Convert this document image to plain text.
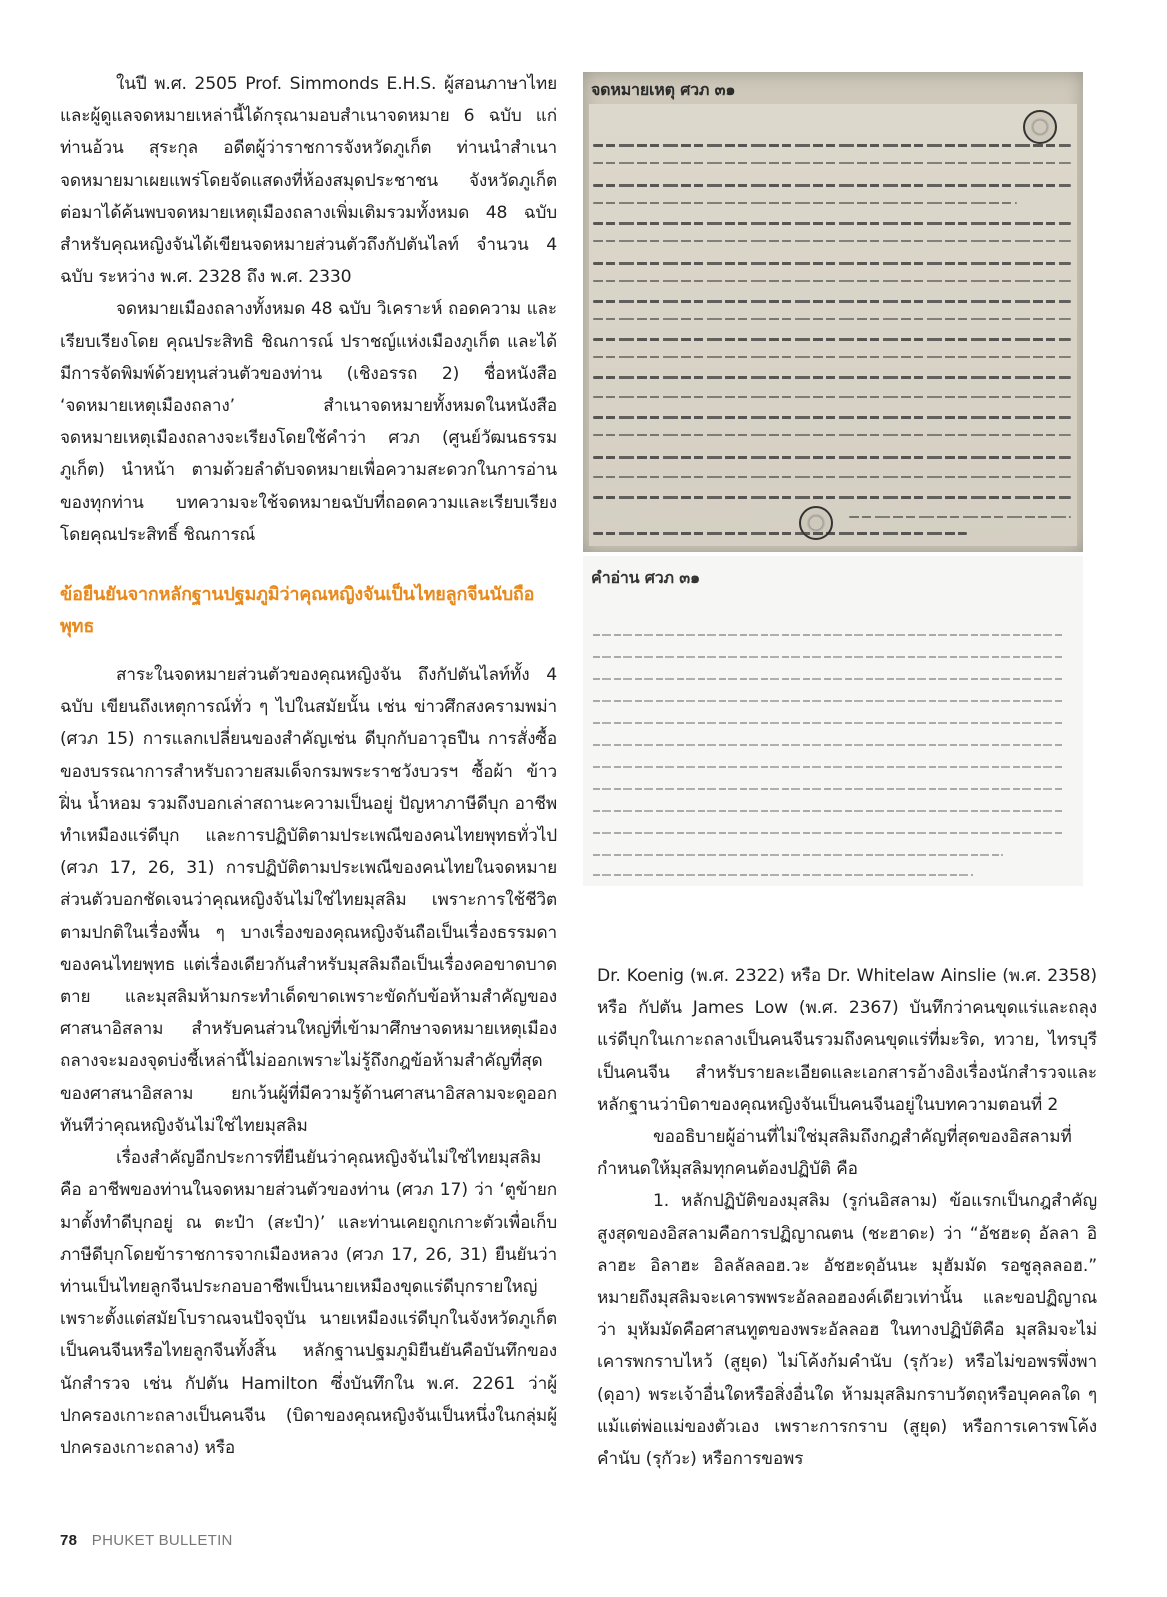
ในปี พ.ศ. 2505 Prof. Simmonds E.H.S. ผู้สอนภาษาไทยและผู้ดูแลจดหมายเหล่านี้ได้กรุณามอบสำเนาจดหมาย 6 ฉบับ แก่ท่านอ้วน สุระกุล อดีตผู้ว่าราชการจังหวัดภูเก็ต ท่านนำสำเนาจดหมายมาเผยแพร่โดยจัดแสดงที่ห้องสมุดประชาชน จังหวัดภูเก็ต ต่อมาได้ค้นพบจดหมายเหตุเมืองถลางเพิ่มเติมรวมทั้งหมด 48 ฉบับ สำหรับคุณหญิงจันได้เขียนจดหมายส่วนตัวถึงกัปตันไลท์ จำนวน 4 ฉบับ ระหว่าง พ.ศ. 2328 ถึง พ.ศ. 2330

จดหมายเมืองถลางทั้งหมด 48 ฉบับ วิเคราะห์ ถอดความ และเรียบเรียงโดย คุณประสิทธิ ชิณการณ์ ปราชญ์แห่งเมืองภูเก็ต และได้มีการจัดพิมพ์ด้วยทุนส่วนตัวของท่าน (เชิงอรรถ 2) ชื่อหนังสือ ‘จดหมายเหตุเมืองถลาง’ สำเนาจดหมายทั้งหมดในหนังสือจดหมายเหตุเมืองถลางจะเรียงโดยใช้คำว่า ศวภ (ศูนย์วัฒนธรรมภูเก็ต) นำหน้า ตามด้วยลำดับจดหมายเพื่อความสะดวกในการอ่านของทุกท่าน บทความจะใช้จดหมายฉบับที่ถอดความและเรียบเรียงโดยคุณประสิทธิ์ ชิณการณ์

ข้อยืนยันจากหลักฐานปฐมภูมิว่าคุณหญิงจันเป็นไทยลูกจีนนับถือพุทธ

สาระในจดหมายส่วนตัวของคุณหญิงจัน ถึงกัปตันไลท์ทั้ง 4 ฉบับ เขียนถึงเหตุการณ์ทั่ว ๆ ไปในสมัยนั้น เช่น ข่าวศึกสงครามพม่า (ศวภ 15) การแลกเปลี่ยนของสำคัญเช่น ดีบุกกับอาวุธปืน การสั่งซื้อของบรรณาการสำหรับถวายสมเด็จกรมพระราชวังบวรฯ ซื้อผ้า ข้าว ฝิ่น น้ำหอม รวมถึงบอกเล่าสถานะความเป็นอยู่ ปัญหาภาษีดีบุก อาชีพทำเหมืองแร่ดีบุก และการปฏิบัติตามประเพณีของคนไทยพุทธทั่วไป (ศวภ 17, 26, 31) การปฏิบัติตามประเพณีของคนไทยในจดหมายส่วนตัวบอกชัดเจนว่าคุณหญิงจันไม่ใช่ไทยมุสลิม เพราะการใช้ชีวิตตามปกติในเรื่องพื้น ๆ บางเรื่องของคุณหญิงจันถือเป็นเรื่องธรรมดาของคนไทยพุทธ แต่เรื่องเดียวกันสำหรับมุสลิมถือเป็นเรื่องคอขาดบาดตาย และมุสลิมห้ามกระทำเด็ดขาดเพราะขัดกับข้อห้ามสำคัญของศาสนาอิสลาม สำหรับคนส่วนใหญ่ที่เข้ามาศึกษาจดหมายเหตุเมืองถลางจะมองจุดบ่งชี้เหล่านี้ไม่ออกเพราะไม่รู้ถึงกฎข้อห้ามสำคัญที่สุดของศาสนาอิสลาม ยกเว้นผู้ที่มีความรู้ด้านศาสนาอิสลามจะดูออกทันทีว่าคุณหญิงจันไม่ใช่ไทยมุสลิม

เรื่องสำคัญอีกประการที่ยืนยันว่าคุณหญิงจันไม่ใช่ไทยมุสลิมคือ อาชีพของท่านในจดหมายส่วนตัวของท่าน (ศวภ 17) ว่า ‘ตูข้ายกมาตั้งทำดีบุกอยู่ ณ ตะป๋า (สะป๋า)’ และท่านเคยถูกเกาะตัวเพื่อเก็บภาษีดีบุกโดยข้าราชการจากเมืองหลวง (ศวภ 17, 26, 31) ยืนยันว่าท่านเป็นไทยลูกจีนประกอบอาชีพเป็นนายเหมืองขุดแร่ดีบุกรายใหญ่ เพราะตั้งแต่สมัยโบราณจนปัจจุบัน นายเหมืองแร่ดีบุกในจังหวัดภูเก็ตเป็นคนจีนหรือไทยลูกจีนทั้งสิ้น หลักฐานปฐมภูมิยืนยันคือบันทึกของนักสำรวจ เช่น กัปตัน Hamilton ซึ่งบันทึกใน พ.ศ. 2261 ว่าผู้ปกครองเกาะถลางเป็นคนจีน (บิดาของคุณหญิงจันเป็นหนึ่งในกลุ่มผู้ปกครองเกาะถลาง) หรือ

จดหมายเหตุ ศวภ ๓๑
คำอ่าน ศวภ ๓๑

Dr. Koenig (พ.ศ. 2322) หรือ Dr. Whitelaw Ainslie (พ.ศ. 2358) หรือ กัปตัน James Low (พ.ศ. 2367) บันทึกว่าคนขุดแร่และถลุงแร่ดีบุกในเกาะถลางเป็นคนจีนรวมถึงคนขุดแร่ที่มะริด, ทวาย, ไทรบุรี เป็นคนจีน สำหรับรายละเอียดและเอกสารอ้างอิงเรื่องนักสำรวจและหลักฐานว่าบิดาของคุณหญิงจันเป็นคนจีนอยู่ในบทความตอนที่ 2

ขออธิบายผู้อ่านที่ไม่ใช่มุสลิมถึงกฎสำคัญที่สุดของอิสลามที่กำหนดให้มุสลิมทุกคนต้องปฏิบัติ คือ

1. หลักปฏิบัติของมุสลิม (รูก่นอิสลาม) ข้อแรกเป็นกฎสำคัญสูงสุดของอิสลามคือการปฏิญาณตน (ชะฮาดะ) ว่า “อัชฮะดุ อัลลา อิลาฮะ อิลาฮะ อิลลัลลอฮ.วะ อัชฮะดุอันนะ มุฮัมมัด รอซูลุลลอฮ.” หมายถึงมุสลิมจะเคารพพระอัลลอฮองค์เดียวเท่านั้น และขอปฏิญาณว่า มุหัมมัดคือศาสนทูตของพระอัลลอฮ ในทางปฏิบัติคือ มุสลิมจะไม่เคารพกราบไหว้ (สูยุด) ไม่โค้งก้มคำนับ (รุกัวะ) หรือไม่ขอพรพึ่งพา (ดุอา) พระเจ้าอื่นใดหรือสิ่งอื่นใด ห้ามมุสลิมกราบวัตถุหรือบุคคลใด ๆ แม้แต่พ่อแม่ของตัวเอง เพราะการกราบ (สูยุด) หรือการเคารพโค้งคำนับ (รุกัวะ) หรือการขอพร

78 PHUKET BULLETIN
